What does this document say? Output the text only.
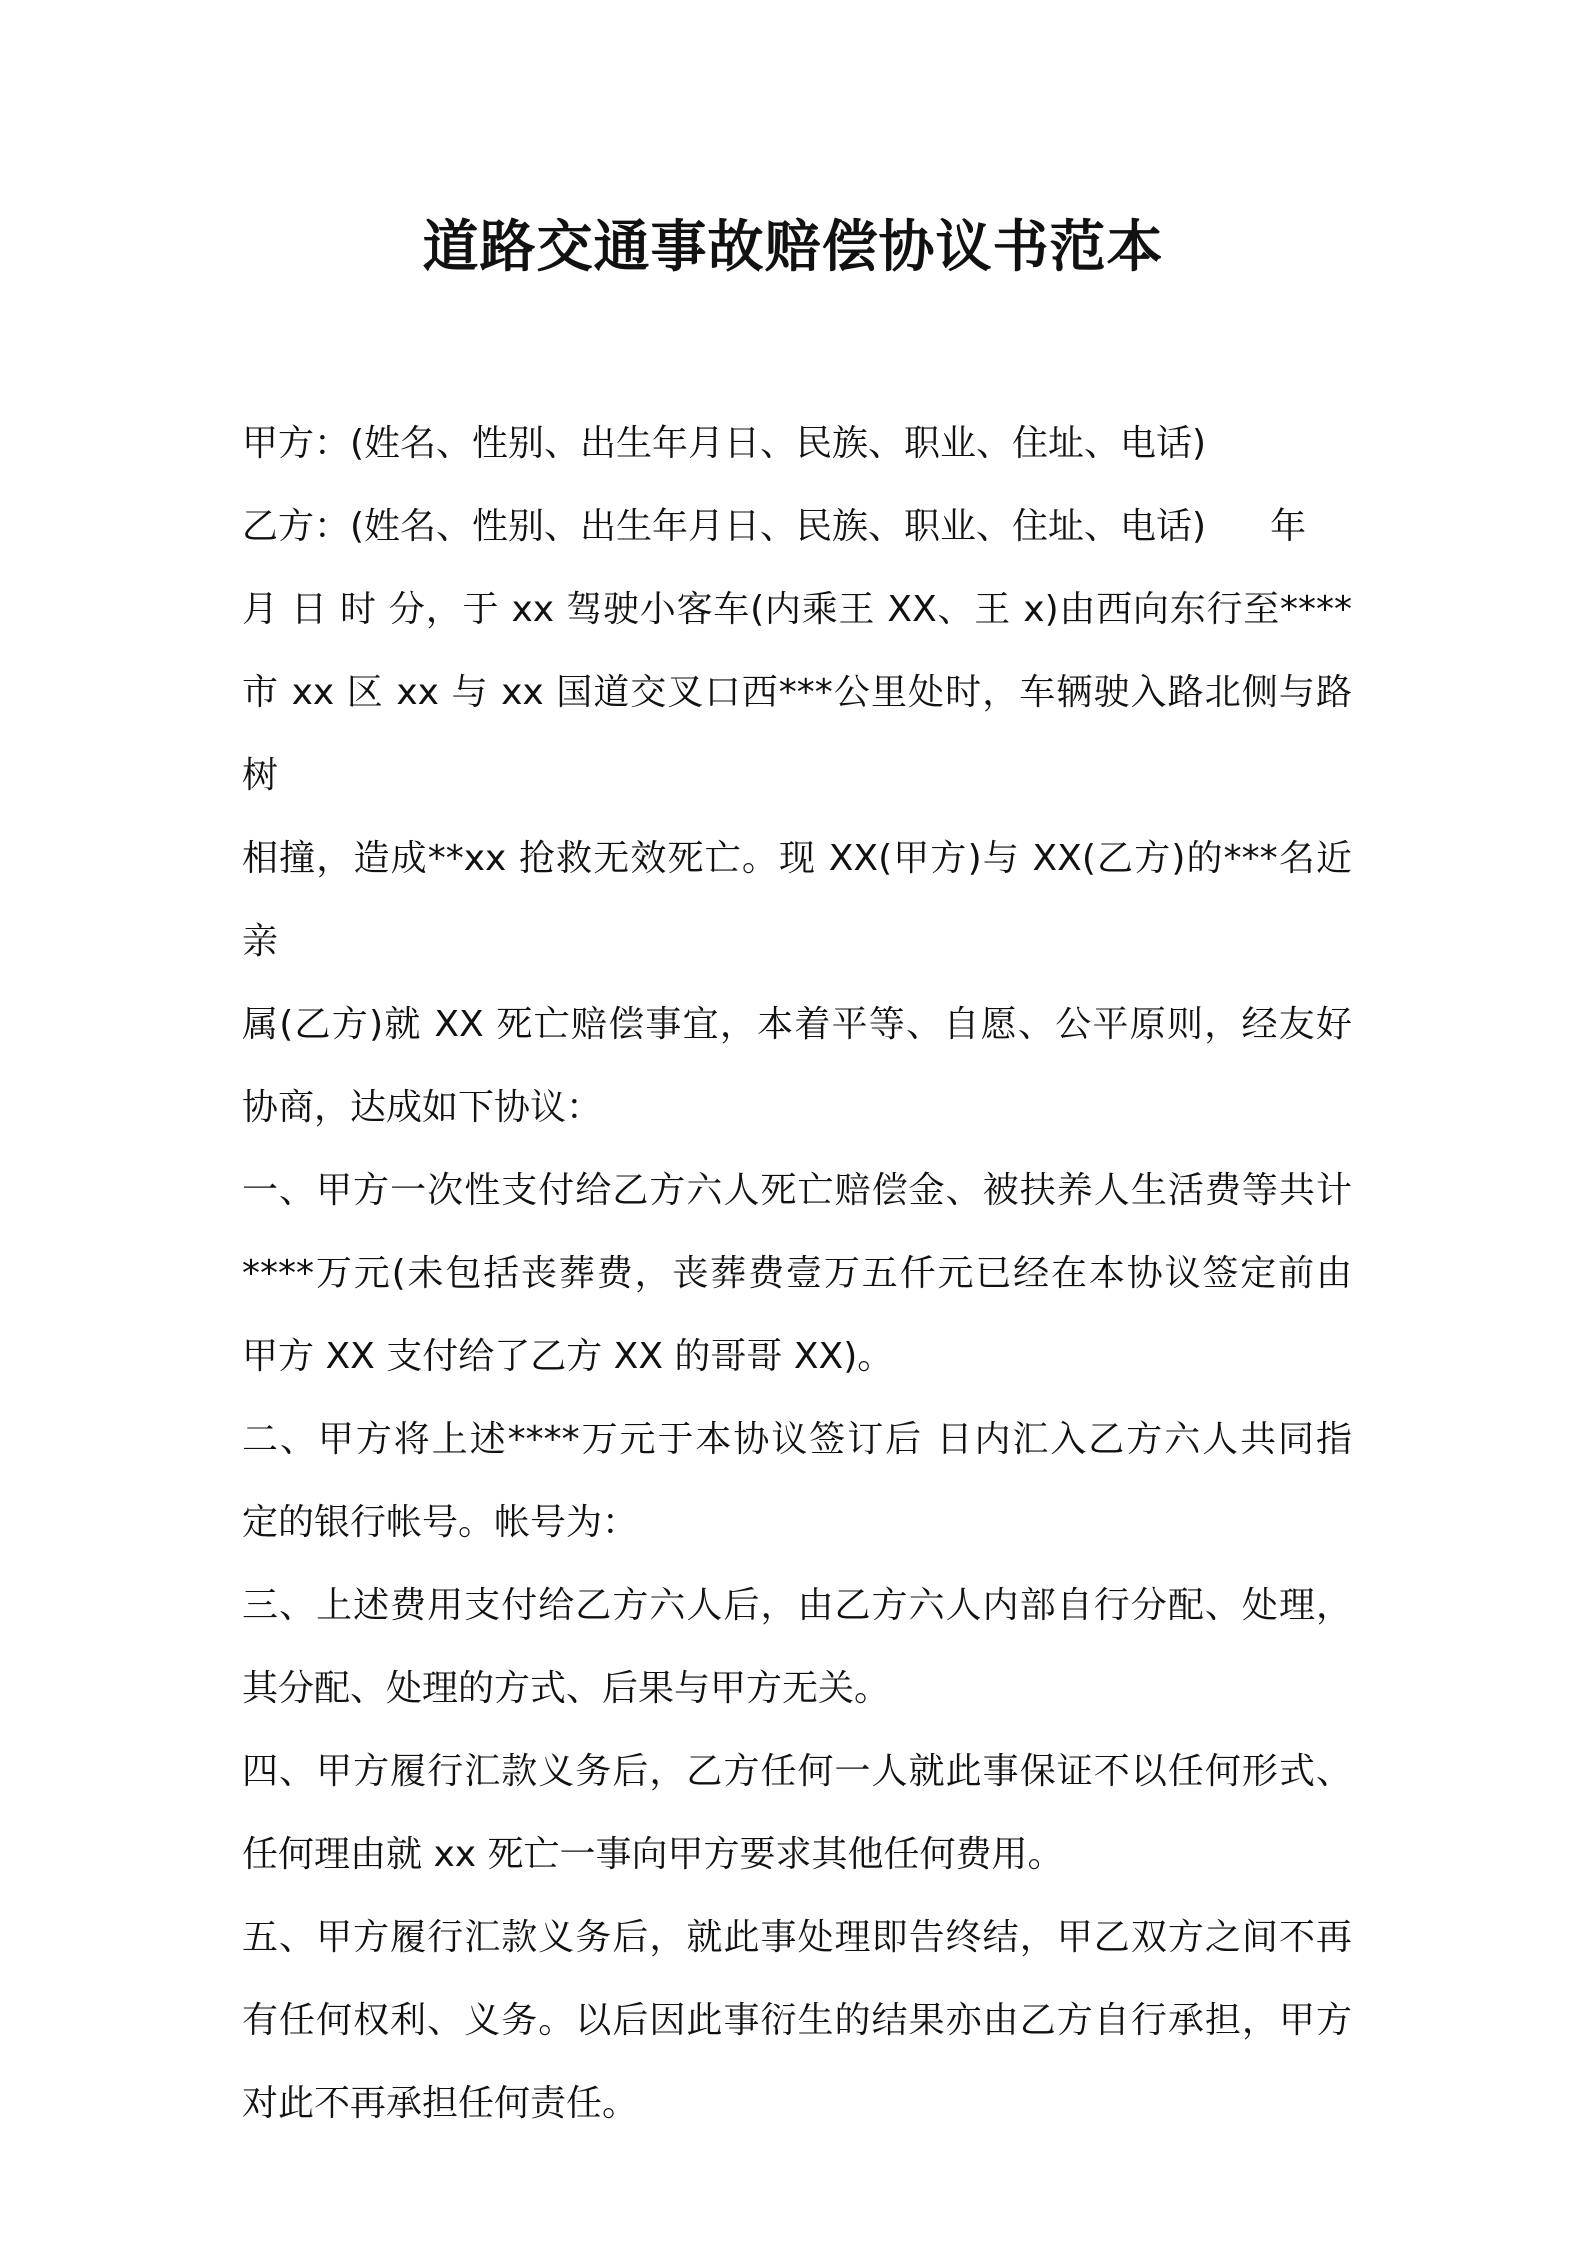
道路交通事故赔偿协议书范本

甲方：(姓名、性别、出生年月日、民族、职业、住址、电话)

乙方：(姓名、性别、出生年月日、民族、职业、住址、电话) 年

月 日 时 分，于 xx 驾驶小客车(内乘王 XX、王 x)由西向东行至****
市 xx 区 xx 与 xx 国道交叉口西***公里处时，车辆驶入路北侧与路树
相撞，造成**xx 抢救无效死亡。现 XX(甲方)与 XX(乙方)的***名近亲
属(乙方)就 XX 死亡赔偿事宜，本着平等、自愿、公平原则，经友好

协商，达成如下协议：

一、甲方一次性支付给乙方六人死亡赔偿金、被扶养人生活费等共计
****万元(未包括丧葬费，丧葬费壹万五仟元已经在本协议签定前由

甲方 XX 支付给了乙方 XX 的哥哥 XX)。

二、甲方将上述****万元于本协议签订后 日内汇入乙方六人共同指

定的银行帐号。帐号为：

三、上述费用支付给乙方六人后，由乙方六人内部自行分配、处理，

其分配、处理的方式、后果与甲方无关。

四、甲方履行汇款义务后，乙方任何一人就此事保证不以任何形式、

任何理由就 xx 死亡一事向甲方要求其他任何费用。

五、甲方履行汇款义务后，就此事处理即告终结，甲乙双方之间不再
有任何权利、义务。以后因此事衍生的结果亦由乙方自行承担，甲方

对此不再承担任何责任。
